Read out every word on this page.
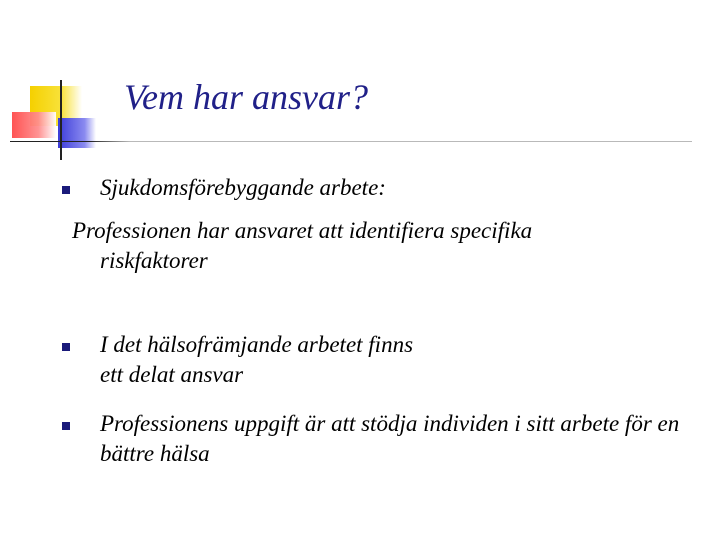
Vem har ansvar?

Sjukdomsförebyggande arbete:

Professionen har ansvaret att identifiera specifika
riskfaktorer

I det hälsofrämjande arbetet finns
ett delat ansvar

Professionens uppgift är att stödja individen i sitt arbete för en bättre hälsa
